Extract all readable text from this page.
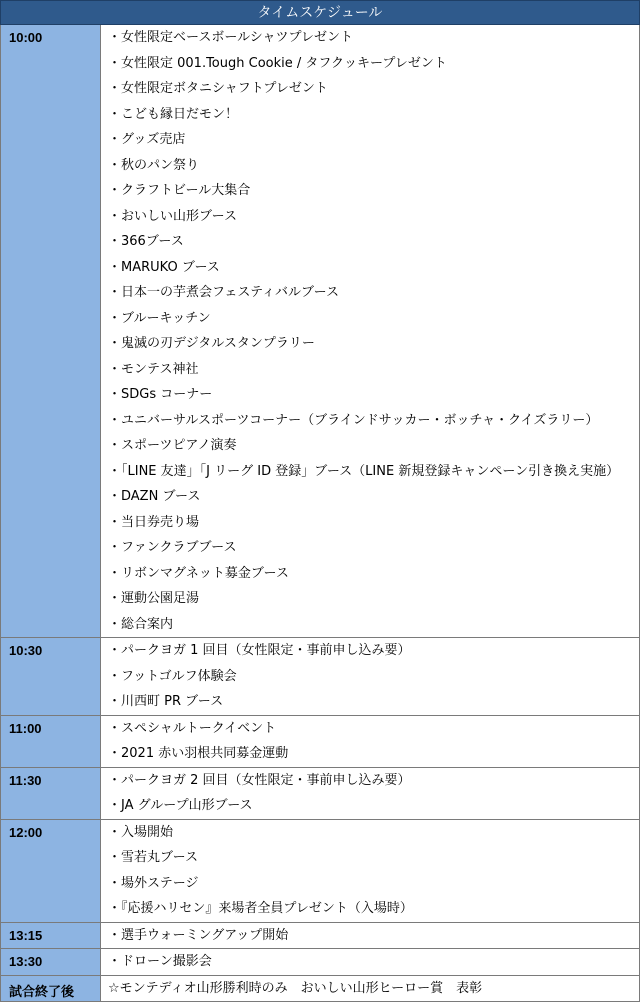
タイムスケジュール
10:00	・女性限定ベースボールシャツプレゼント
・女性限定 001.Tough Cookie / タフクッキープレゼント
・女性限定ボタニシャフトプレゼント
・こども縁日だモン！
・グッズ売店
・秋のパン祭り
・クラフトビール大集合
・おいしい山形ブース
・366ブース
・MARUKO ブース
・日本一の芋煮会フェスティバルブース
・ブルーキッチン
・鬼滅の刃デジタルスタンプラリー
・モンテス神社
・SDGs コーナー
・ユニバーサルスポーツコーナー（ブラインドサッカー・ボッチャ・クイズラリー）
・スポーツピアノ演奏
・「LINE 友達」「J リーグ ID 登録」ブース（LINE 新規登録キャンペーン引き換え実施）
・DAZN ブース
・当日券売り場
・ファンクラブブース
・リボンマグネット募金ブース
・運動公園足湯
・総合案内
10:30	・パークヨガ 1 回目（女性限定・事前申し込み要）
・フットゴルフ体験会
・川西町 PR ブース
11:00	・スペシャルトークイベント
・2021 赤い羽根共同募金運動
11:30	・パークヨガ 2 回目（女性限定・事前申し込み要）
・JA グループ山形ブース
12:00	・入場開始
・雪若丸ブース
・場外ステージ
・『応援ハリセン』来場者全員プレゼント（入場時）
13:15	・選手ウォーミングアップ開始
13:30	・ドローン撮影会
試合終了後	☆モンテディオ山形勝利時のみ　おいしい山形ヒーロー賞　表彰
